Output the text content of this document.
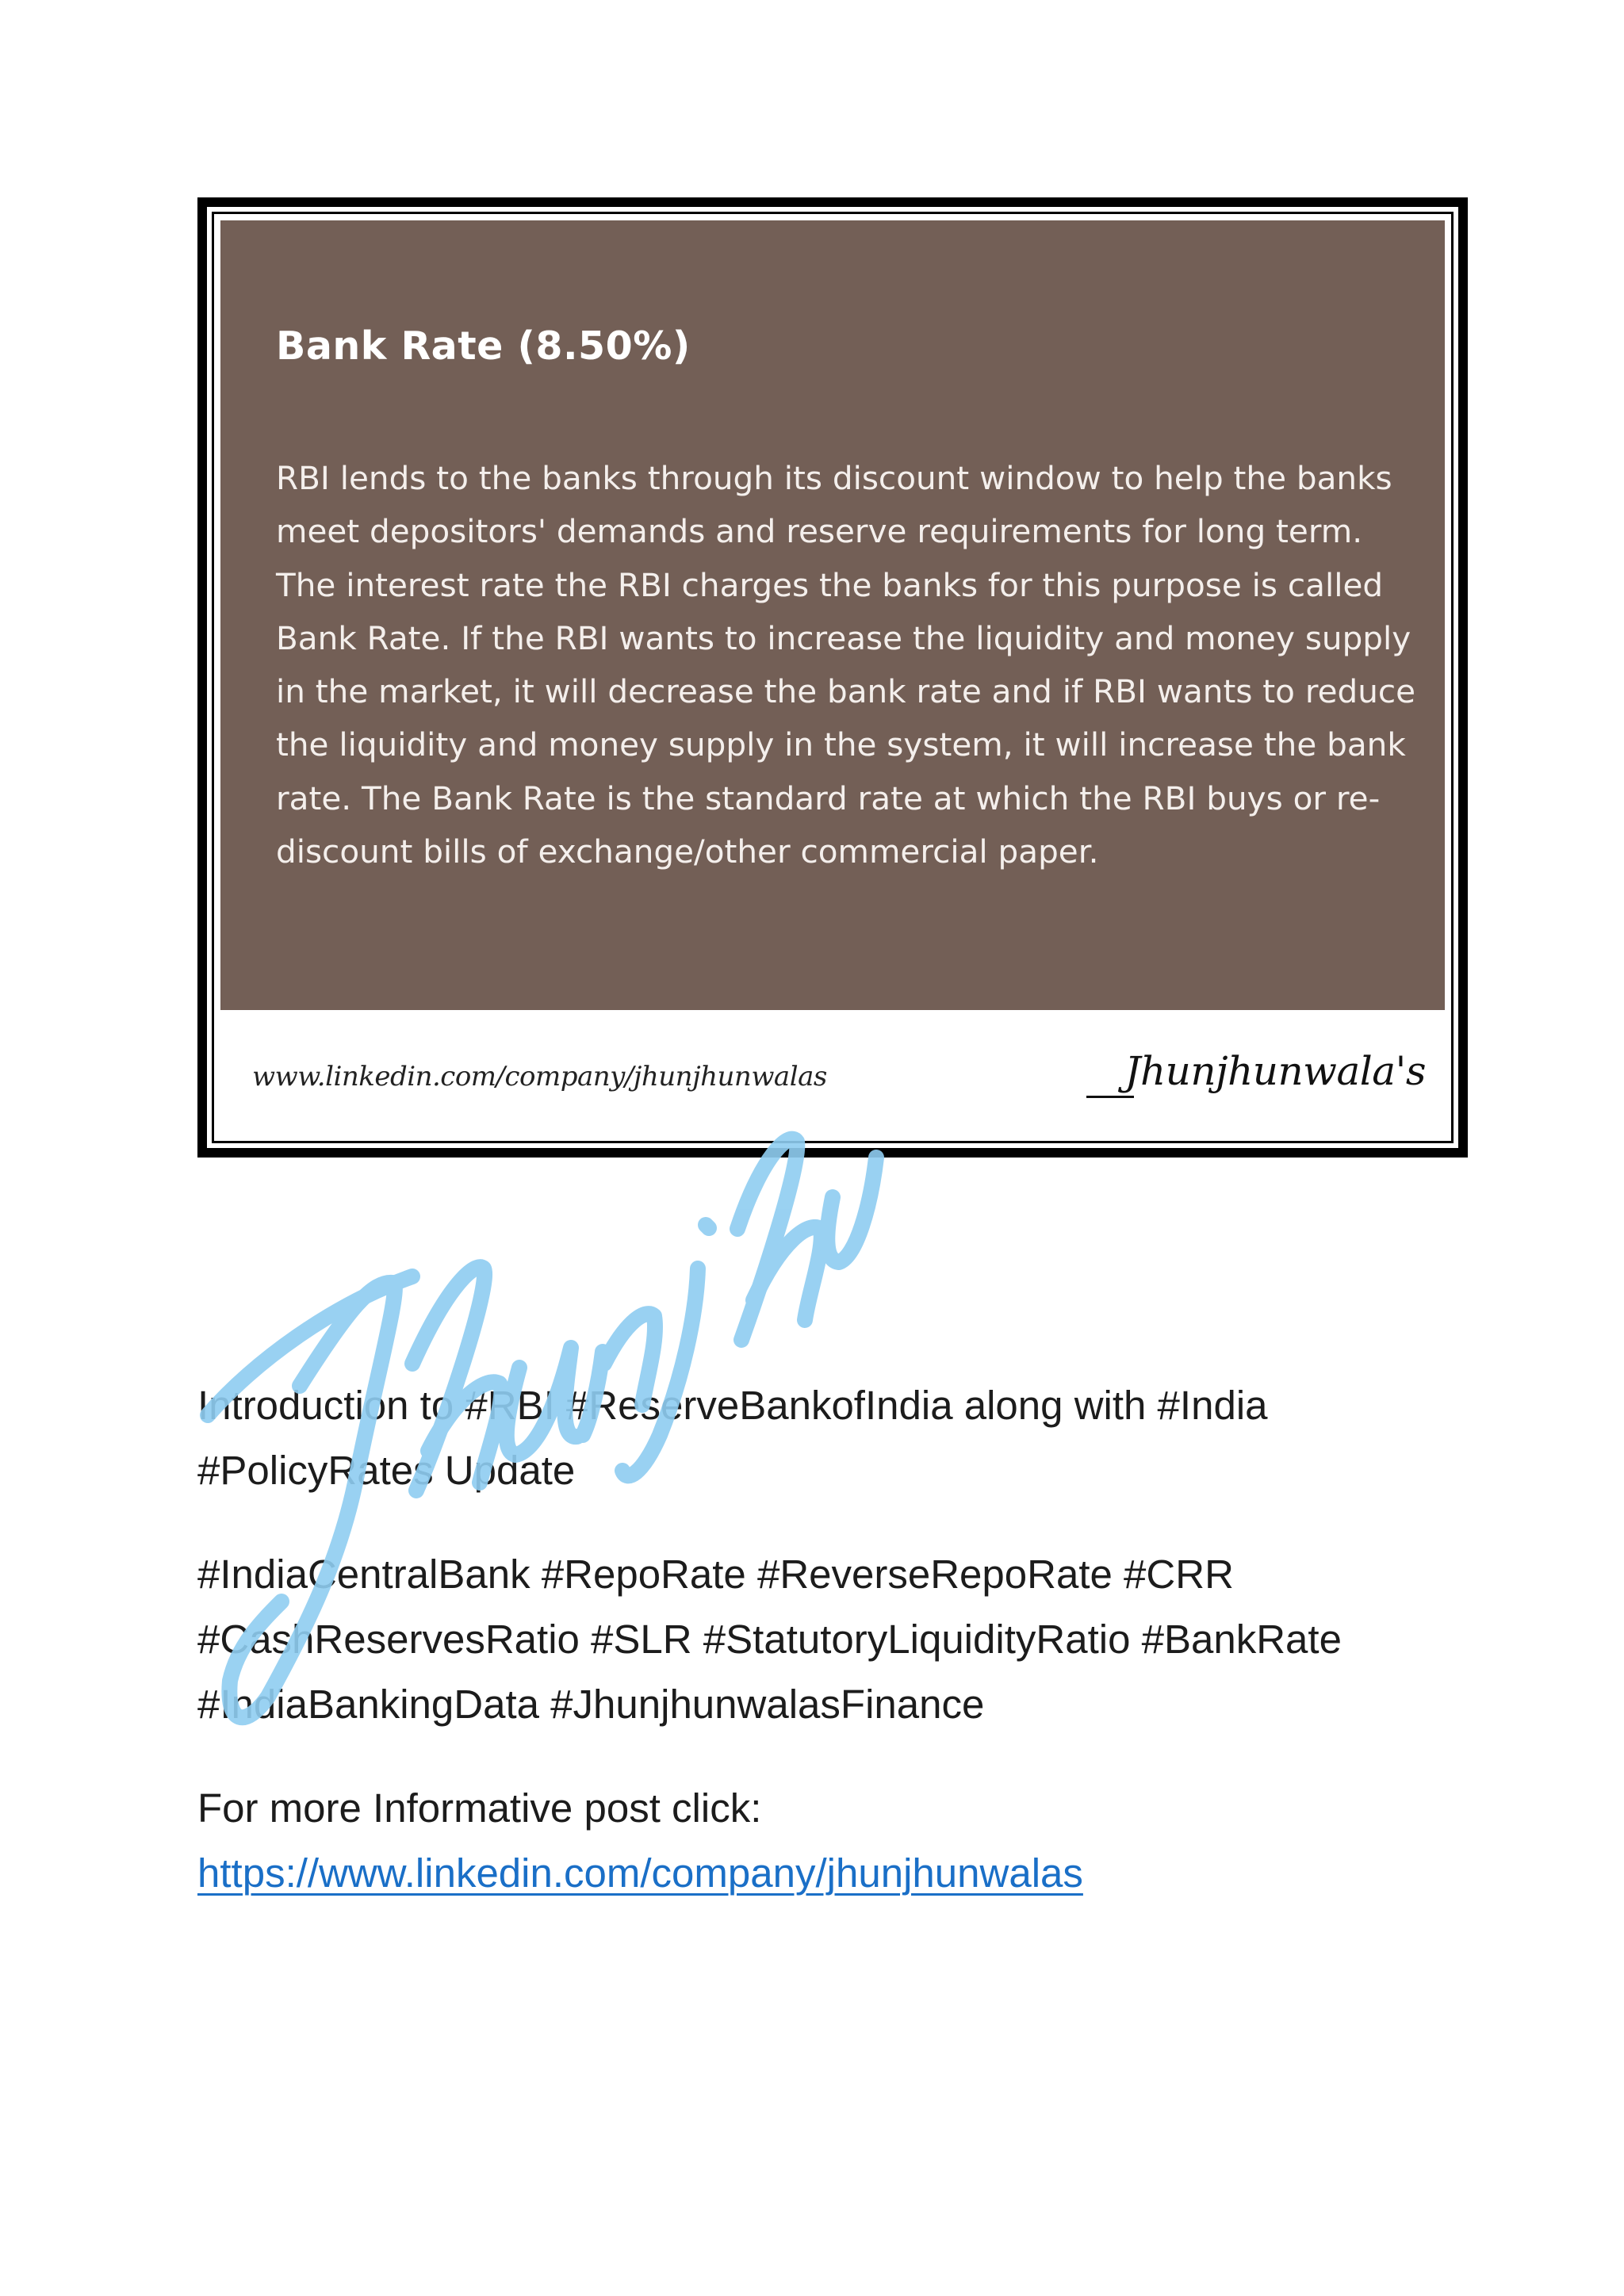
Bank Rate (8.50%)

RBI lends to the banks through its discount window to help the banks meet depositors' demands and reserve requirements for long term. The interest rate the RBI charges the banks for this purpose is called Bank Rate. If the RBI wants to increase the liquidity and money supply in the market, it will decrease the bank rate and if RBI wants to reduce the liquidity and money supply in the system, it will increase the bank rate. The Bank Rate is the standard rate at which the RBI buys or re-discount bills of exchange/other commercial paper.

www.linkedin.com/company/jhunjhunwalas	Jhunjhunwala's

Introduction to #RBI #ReserveBankofIndia along with #India #PolicyRates Update

#IndiaCentralBank #RepoRate #ReverseRepoRate #CRR #CashReservesRatio #SLR #StatutoryLiquidityRatio #BankRate #IndiaBankingData #JhunjhunwalasFinance

For more Informative post click:
https://www.linkedin.com/company/jhunjhunwalas
